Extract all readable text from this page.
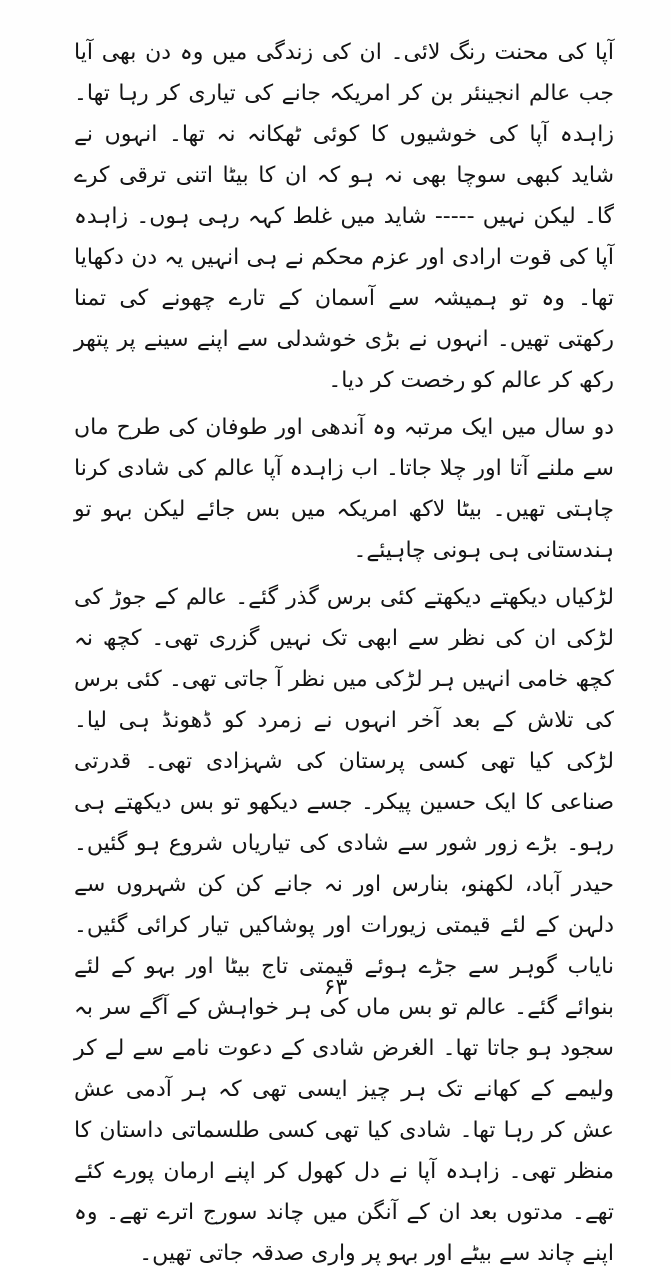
آپا کی محنت رنگ لائی۔ ان کی زندگی میں وہ دن بھی آیا جب عالم انجینئر بن کر امریکہ جانے کی تیاری کر رہا تھا۔ زاہدہ آپا کی خوشیوں کا کوئی ٹھکانہ نہ تھا۔ انہوں نے شاید کبھی سوچا بھی نہ ہو کہ ان کا بیٹا اتنی ترقی کرے گا۔ لیکن نہیں ----- شاید میں غلط کہہ رہی ہوں۔ زاہدہ آپا کی قوت ارادی اور عزم محکم نے ہی انہیں یہ دن دکھایا تھا۔ وہ تو ہمیشہ سے آسمان کے تارے چھونے کی تمنا رکھتی تھیں۔ انہوں نے بڑی خوشدلی سے اپنے سینے پر پتھر رکھ کر عالم کو رخصت کر دیا۔

دو سال میں ایک مرتبہ وہ آندھی اور طوفان کی طرح ماں سے ملنے آتا اور چلا جاتا۔ اب زاہدہ آپا عالم کی شادی کرنا چاہتی تھیں۔ بیٹا لاکھ امریکہ میں بس جائے لیکن بہو تو ہندستانی ہی ہونی چاہیئے۔

لڑکیاں دیکھتے دیکھتے کئی برس گذر گئے۔ عالم کے جوڑ کی لڑکی ان کی نظر سے ابھی تک نہیں گزری تھی۔ کچھ نہ کچھ خامی انہیں ہر لڑکی میں نظر آ جاتی تھی۔ کئی برس کی تلاش کے بعد آخر انہوں نے زمرد کو ڈھونڈ ہی لیا۔ لڑکی کیا تھی کسی پرستان کی شہزادی تھی۔ قدرتی صناعی کا ایک حسین پیکر۔ جسے دیکھو تو بس دیکھتے ہی رہو۔ بڑے زور شور سے شادی کی تیاریاں شروع ہو گئیں۔ حیدر آباد، لکھنو، بنارس اور نہ جانے کن کن شہروں سے دلہن کے لئے قیمتی زیورات اور پوشاکیں تیار کرائی گئیں۔ نایاب گوہر سے جڑے ہوئے قیمتی تاج بیٹا اور بہو کے لئے بنوائے گئے۔ عالم تو بس ماں کی ہر خواہش کے آگے سر بہ سجود ہو جاتا تھا۔ الغرض شادی کے دعوت نامے سے لے کر ولیمے کے کھانے تک ہر چیز ایسی تھی کہ ہر آدمی عش عش کر رہا تھا۔ شادی کیا تھی کسی طلسماتی داستان کا منظر تھی۔ زاہدہ آپا نے دل کھول کر اپنے ارمان پورے کئے تھے۔ مدتوں بعد ان کے آنگن میں چاند سورج اترے تھے۔ وہ اپنے چاند سے بیٹے اور بہو پر واری صدقہ جاتی تھیں۔

۶۳
